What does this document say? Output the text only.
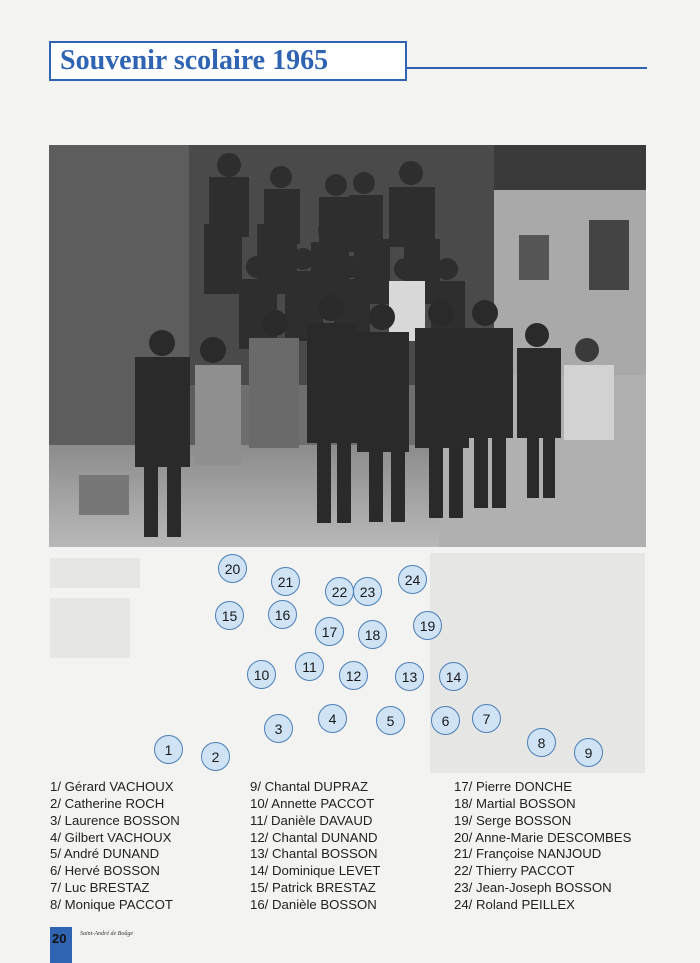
Souvenir scolaire 1965
1	2
3
4	5	6	7
8
9
10	11
12	13	14
15	16
17	18
19
20
21
22 23
24
1/ Gérard VACHOUX
2/ Catherine ROCH
3/ Laurence BOSSON
4/ Gilbert VACHOUX
5/ André DUNAND
6/ Hervé BOSSON
7/ Luc BRESTAZ
8/ Monique PACCOT
9/ Chantal DUPRAZ
10/ Annette PACCOT
11/ Danièle DAVAUD
12/ Chantal DUNAND
13/ Chantal BOSSON
14/ Dominique LEVET
15/ Patrick BRESTAZ
16/ Danièle BOSSON
17/ Pierre DONCHE
18/ Martial BOSSON
19/ Serge BOSSON
20/ Anne-Marie DESCOMBES
21/ Françoise NANJOUD
22/ Thierry PACCOT
23/ Jean-Joseph BOSSON
24/ Roland PEILLEX
20 Saint-André de Boâge
